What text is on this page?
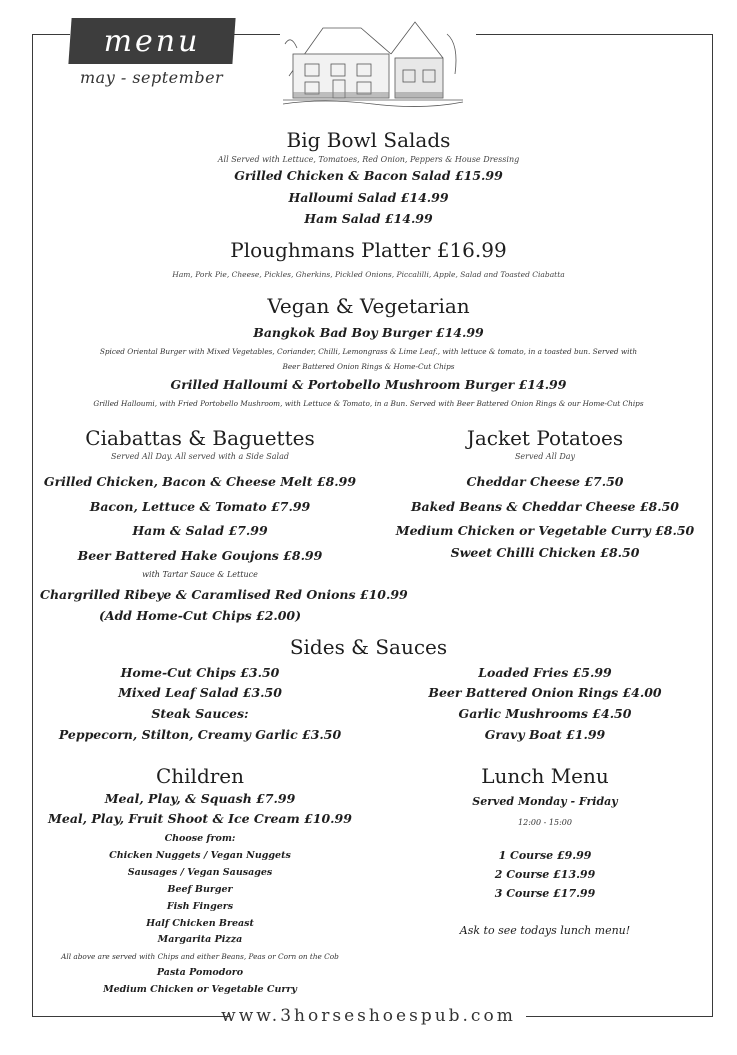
menu
may - september
Big Bowl Salads
All Served with Lettuce, Tomatoes, Red Onion, Peppers & House Dressing
Grilled Chicken & Bacon Salad £15.99
Halloumi Salad £14.99
Ham Salad £14.99
Ploughmans Platter £16.99
Ham, Pork Pie, Cheese, Pickles, Gherkins, Pickled Onions, Piccalilli, Apple, Salad and Toasted Ciabatta
Vegan & Vegetarian
Bangkok Bad Boy Burger £14.99
Spiced Oriental Burger with Mixed Vegetables, Coriander, Chilli, Lemongrass & Lime Leaf., with lettuce & tomato, in a toasted bun. Served with
Beer Battered Onion Rings & Home-Cut Chips
Grilled Halloumi & Portobello Mushroom Burger £14.99
Grilled Halloumi, with Fried Portobello Mushroom, with Lettuce & Tomato, in a Bun. Served with Beer Battered Onion Rings & our Home-Cut Chips
Ciabattas & Baguettes
Served All Day. All served with a Side Salad
Grilled Chicken, Bacon & Cheese Melt £8.99
Bacon, Lettuce & Tomato £7.99
Ham & Salad £7.99
Beer Battered Hake Goujons £8.99
with Tartar Sauce & Lettuce
Chargrilled Ribeye & Caramlised Red Onions £10.99
(Add Home-Cut Chips £2.00)
Jacket Potatoes
Served All Day
Cheddar Cheese £7.50
Baked Beans & Cheddar Cheese £8.50
Medium Chicken or Vegetable Curry £8.50
Sweet Chilli Chicken £8.50
Sides & Sauces
Home-Cut Chips £3.50
Mixed Leaf Salad £3.50
Steak Sauces:
Peppecorn, Stilton, Creamy Garlic £3.50
Loaded Fries £5.99
Beer Battered Onion Rings £4.00
Garlic Mushrooms £4.50
Gravy Boat £1.99
Children
Meal, Play, & Squash £7.99
Meal, Play, Fruit Shoot & Ice Cream £10.99
Choose from:
Chicken Nuggets / Vegan Nuggets
Sausages / Vegan Sausages
Beef Burger
Fish Fingers
Half Chicken Breast
Margarita Pizza
All above are served with Chips and either Beans, Peas or Corn on the Cob
Pasta Pomodoro
Medium Chicken or Vegetable Curry
Lunch Menu
Served Monday - Friday
12:00 - 15:00
1 Course £9.99
2 Course £13.99
3 Course £17.99
Ask to see todays lunch menu!
www.3horseshoespub.com
